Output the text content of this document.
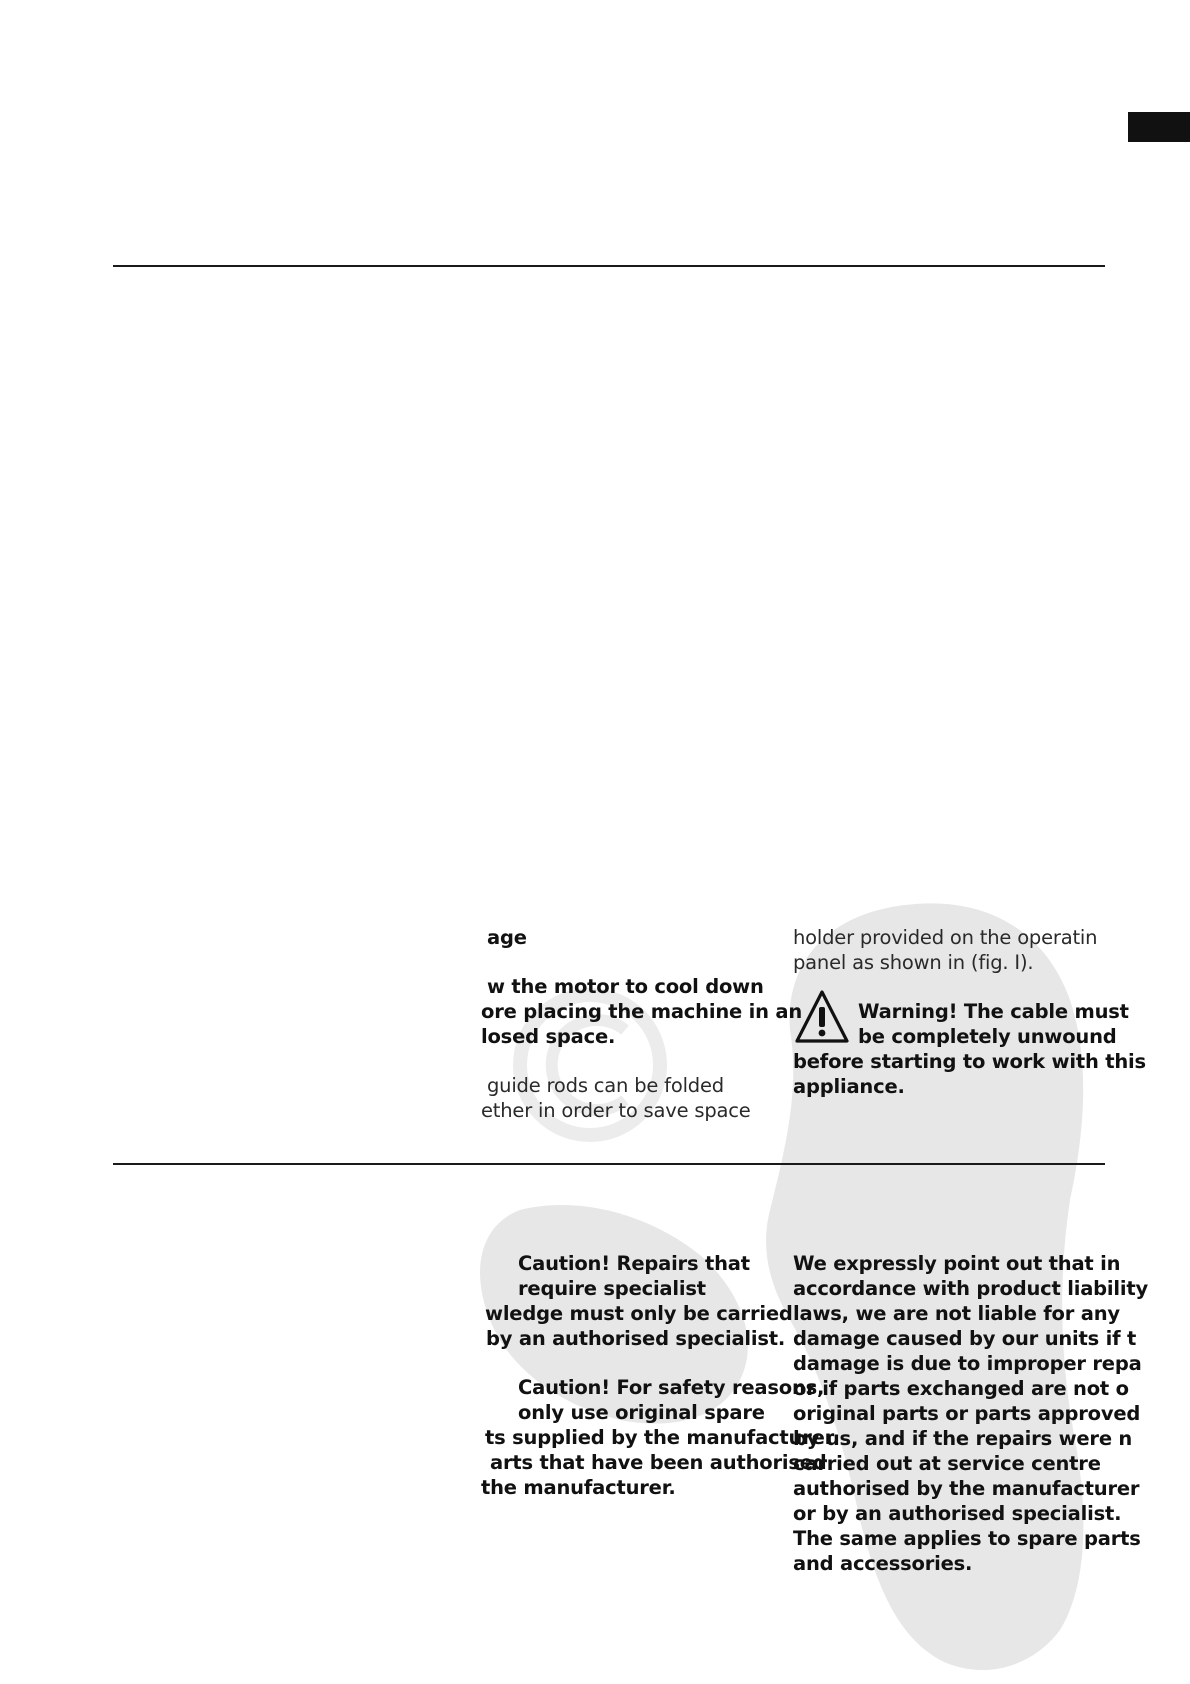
age

w the motor to cool down

ore placing the machine in an

losed space.

guide rods can be folded

ether in order to save space

holder provided on the operatin

panel as shown in (fig. I).

Warning! The cable must

be completely unwound

before starting to work with this

appliance.

Caution! Repairs that

require specialist

wledge must only be carried

by an authorised specialist.

Caution! For safety reasons,

only use original spare

ts supplied by the manufacturer

arts that have been authorised

the manufacturer.

We expressly point out that in

accordance with product liability

laws, we are not liable for any

damage caused by our units if t

damage is due to improper repa

or if parts exchanged are not o

original parts or parts approved

by us, and if the repairs were n

carried out at service centre

authorised by the manufacturer

or by an authorised specialist.

The same applies to spare parts

and accessories.
